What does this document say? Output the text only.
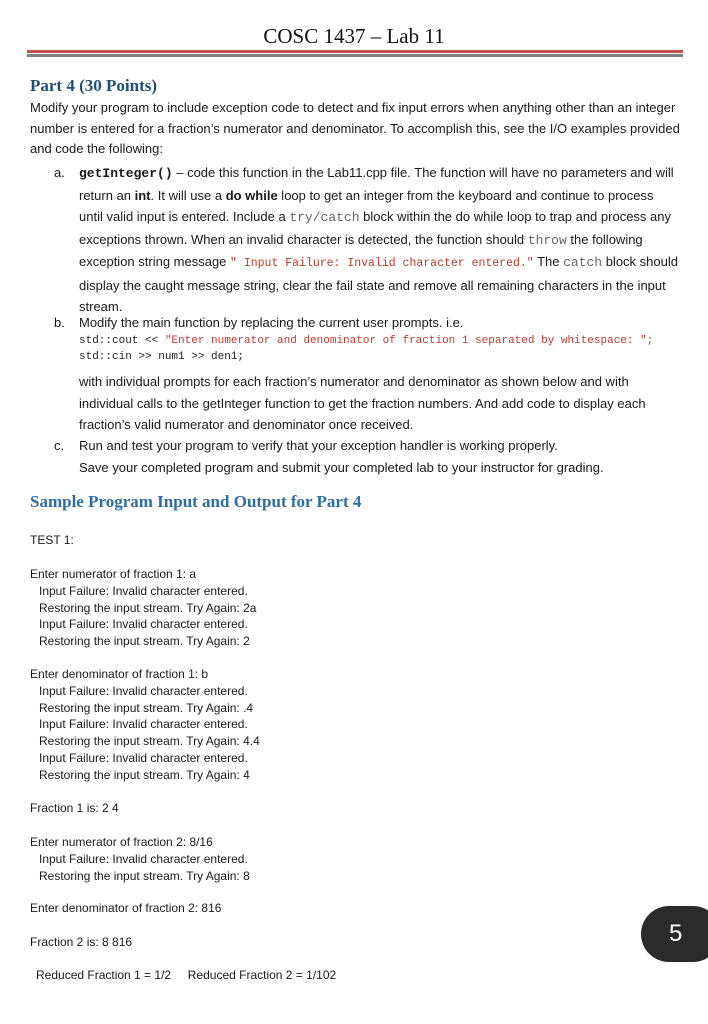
COSC 1437 – Lab 11
Part 4 (30 Points)
Modify your program to include exception code to detect and fix input errors when anything other than an integer number is entered for a fraction’s numerator and denominator. To accomplish this, see the I/O examples provided and code the following:
a. getInteger() – code this function in the Lab11.cpp file. The function will have no parameters and will return an int. It will use a do while loop to get an integer from the keyboard and continue to process until valid input is entered. Include a try/catch block within the do while loop to trap and process any exceptions thrown. When an invalid character is detected, the function should throw the following exception string message " Input Failure: Invalid character entered." The catch block should display the caught message string, clear the fail state and remove all remaining characters in the input stream.
b. Modify the main function by replacing the current user prompts. i.e.
std::cout << "Enter numerator and denominator of fraction 1 separated by whitespace: ";
std::cin >> num1 >> den1;
with individual prompts for each fraction’s numerator and denominator as shown below and with individual calls to the getInteger function to get the fraction numbers. And add code to display each fraction’s valid numerator and denominator once received.
c. Run and test your program to verify that your exception handler is working properly.
Save your completed program and submit your completed lab to your instructor for grading.
Sample Program Input and Output for Part 4
TEST 1:
Enter numerator of fraction 1: a
Input Failure: Invalid character entered.
Restoring the input stream. Try Again: 2a
Input Failure: Invalid character entered.
Restoring the input stream. Try Again: 2
Enter denominator of fraction 1: b
Input Failure: Invalid character entered.
Restoring the input stream. Try Again: .4
Input Failure: Invalid character entered.
Restoring the input stream. Try Again: 4.4
Input Failure: Invalid character entered.
Restoring the input stream. Try Again: 4
Fraction 1 is: 2 4
Enter numerator of fraction 2: 8/16
Input Failure: Invalid character entered.
Restoring the input stream. Try Again: 8
Enter denominator of fraction 2: 816
Fraction 2 is: 8 816
Reduced Fraction 1 = 1/2     Reduced Fraction 2 = 1/102
5
